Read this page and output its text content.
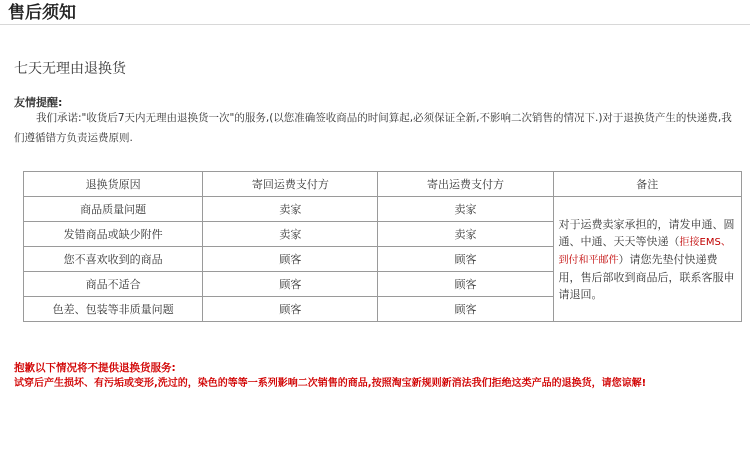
售后须知
七天无理由退换货
友情提醒:
我们承诺:"收货后7天内无理由退换货一次"的服务,(以您准确签收商品的时间算起,必须保证全新,不影响二次销售的情况下.)对于退换货产生的快递费,我们遵循错方负责运费原则.
退换货原因	寄回运费支付方	寄出运费支付方	备注
商品质量问题	卖家	卖家	对于运费卖家承担的，请发申通、圆通、中通、天天等快递（拒接EMS、到付和平邮件）请您先垫付快递费用，售后部收到商品后，联系客服申请退回。
发错商品或缺少附件	卖家	卖家	
您不喜欢收到的商品	顾客	顾客	
商品不适合	顾客	顾客	
色差、包装等非质量问题	顾客	顾客	
抱歉以下情况将不提供退换货服务:
试穿后产生损坏、有污垢或变形,洗过的，染色的等等一系列影响二次销售的商品,按照淘宝新规则新消法我们拒绝这类产品的退换货，请您谅解!
